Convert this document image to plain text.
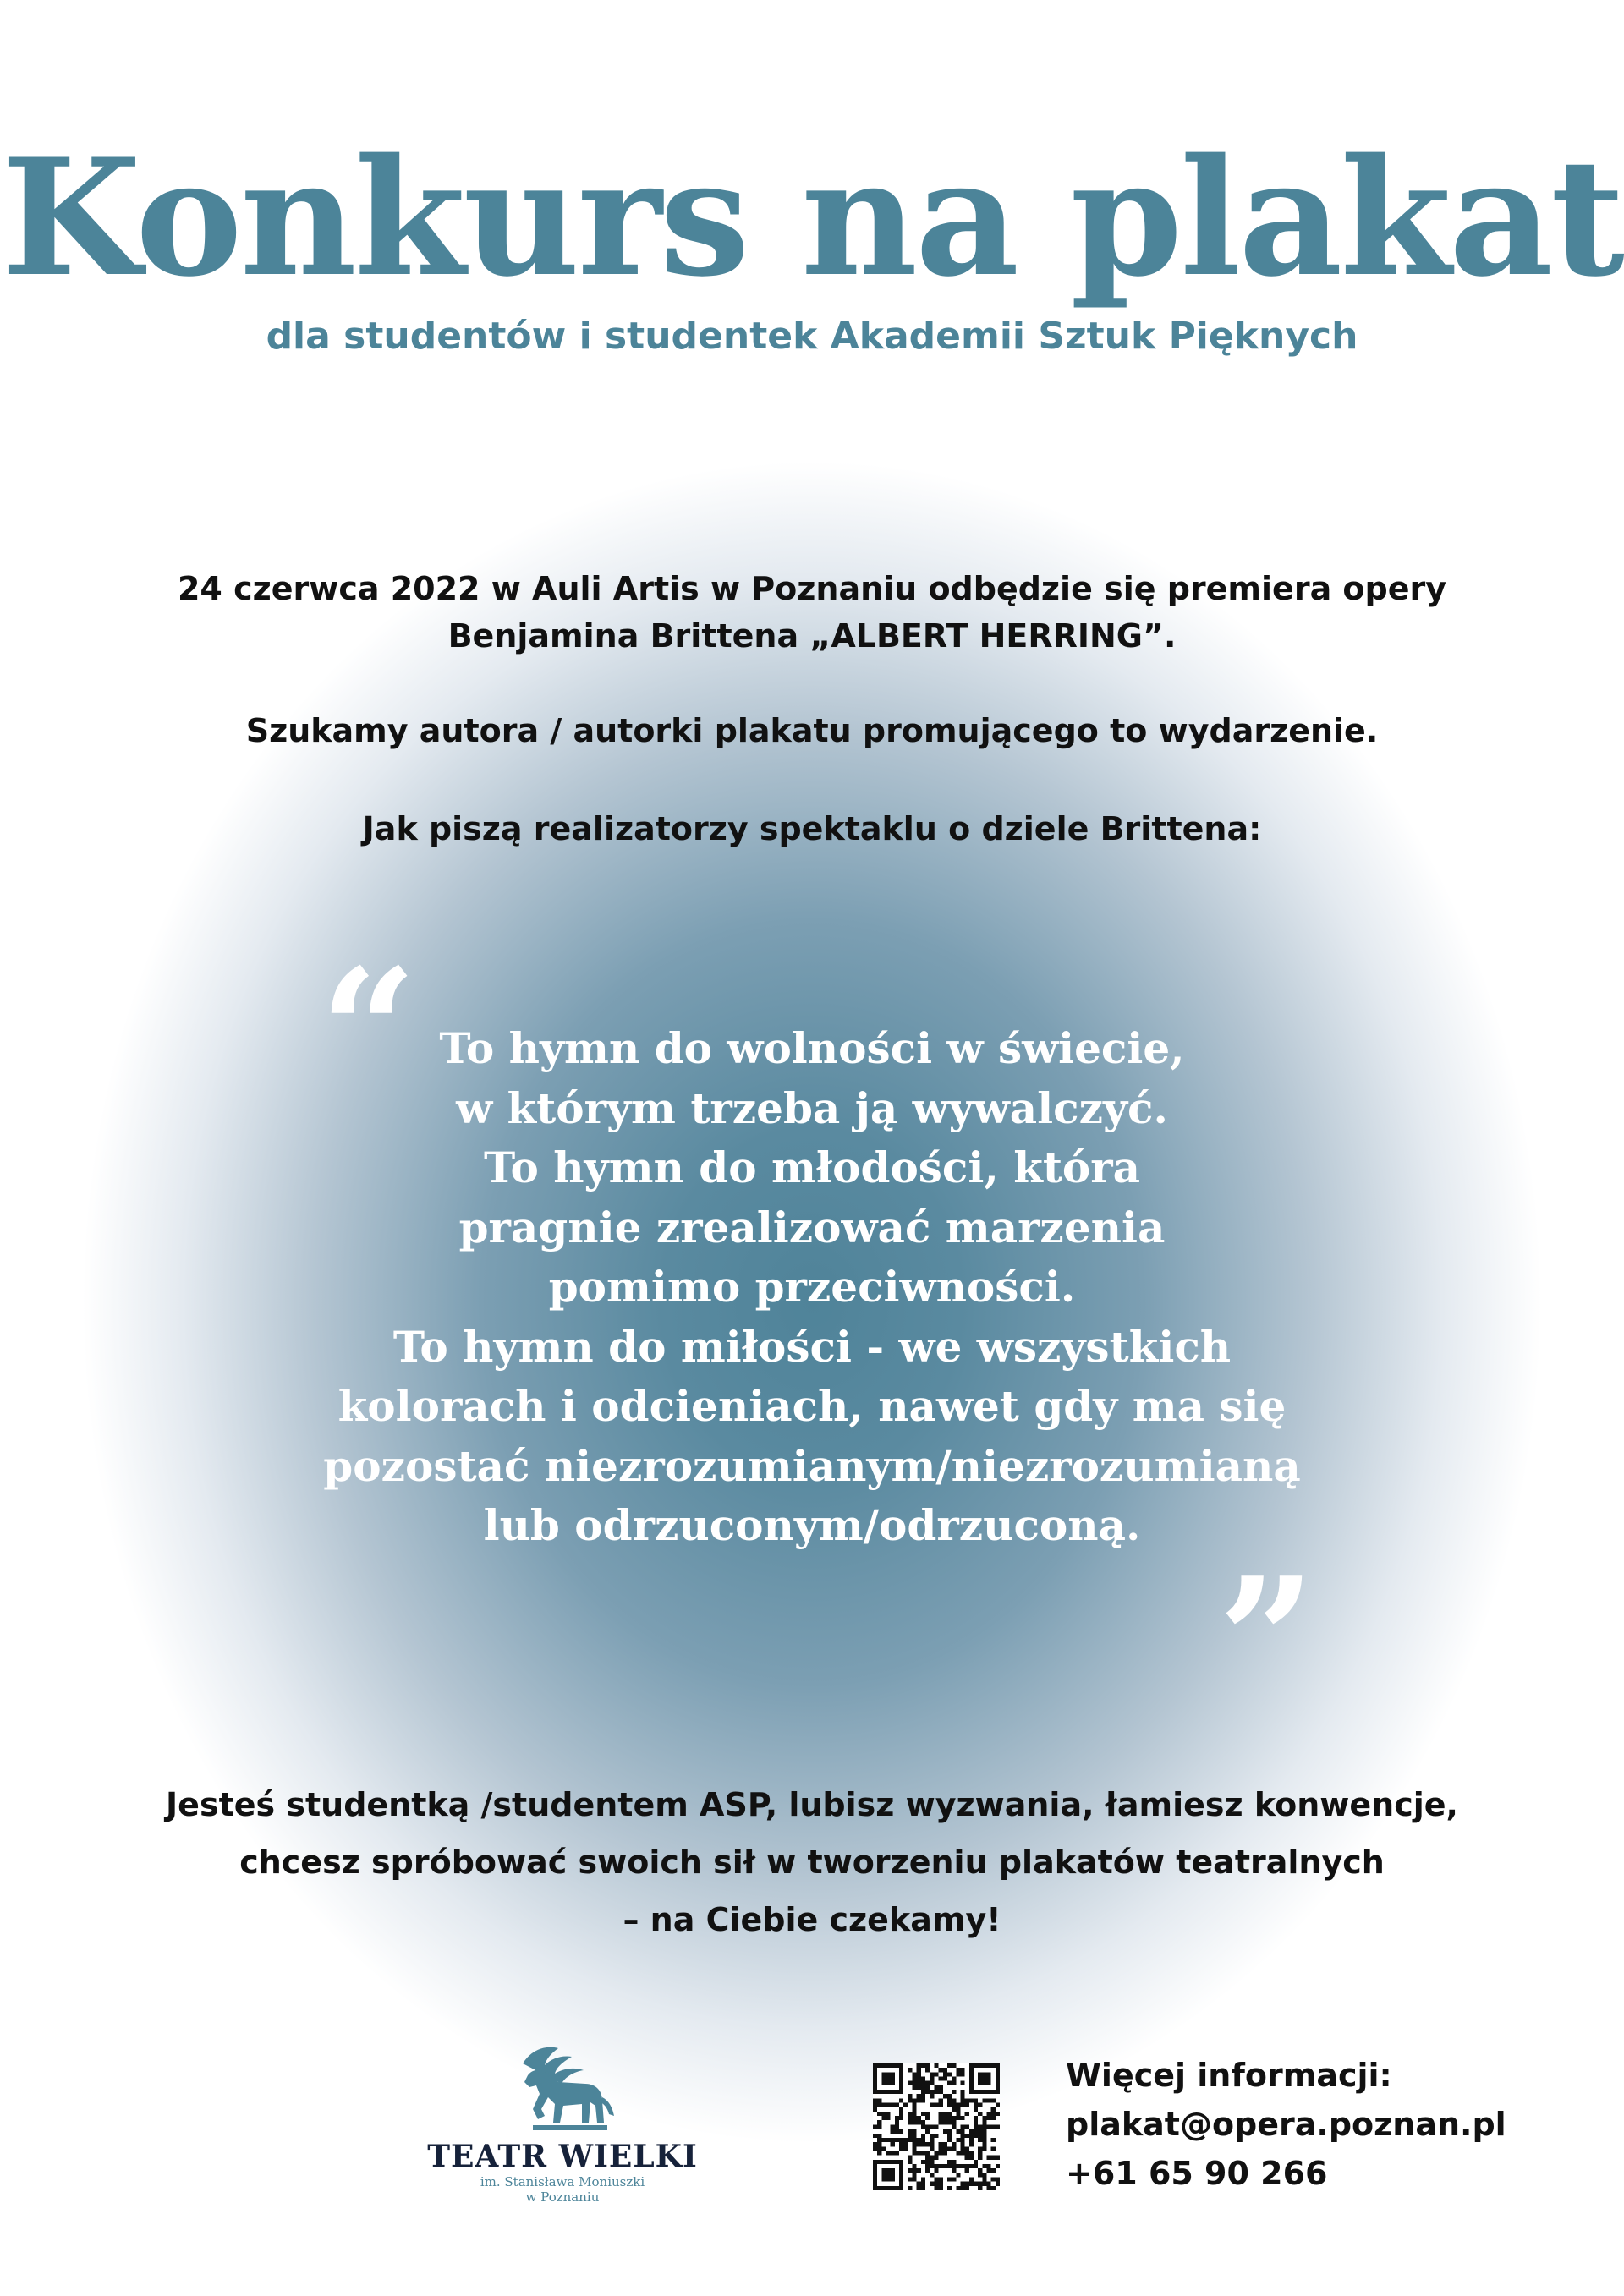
Konkurs na plakat

dla studentów i studentek Akademii Sztuk Pięknych

24 czerwca 2022 w Auli Artis w Poznaniu odbędzie się premiera opery
Benjamina Brittena „ALBERT HERRING”.

Szukamy autora / autorki plakatu promującego to wydarzenie.

Jak piszą realizatorzy spektaklu o dziele Brittena:

“ To hymn do wolności w świecie,
w którym trzeba ją wywalczyć.
To hymn do młodości, która
pragnie zrealizować marzenia
pomimo przeciwności.
To hymn do miłości - we wszystkich
kolorach i odcieniach, nawet gdy ma się
pozostać niezrozumianym/niezrozumianą
lub odrzuconym/odrzuconą.
”
Jesteś studentką /studentem ASP, lubisz wyzwania, łamiesz konwencje,
chcesz spróbować swoich sił w tworzeniu plakatów teatralnych
– na Ciebie czekamy!
TEATR WIELKI
im. Stanisława Moniuszki
w Poznaniu
Więcej informacji:
plakat@opera.poznan.pl
+61 65 90 266
